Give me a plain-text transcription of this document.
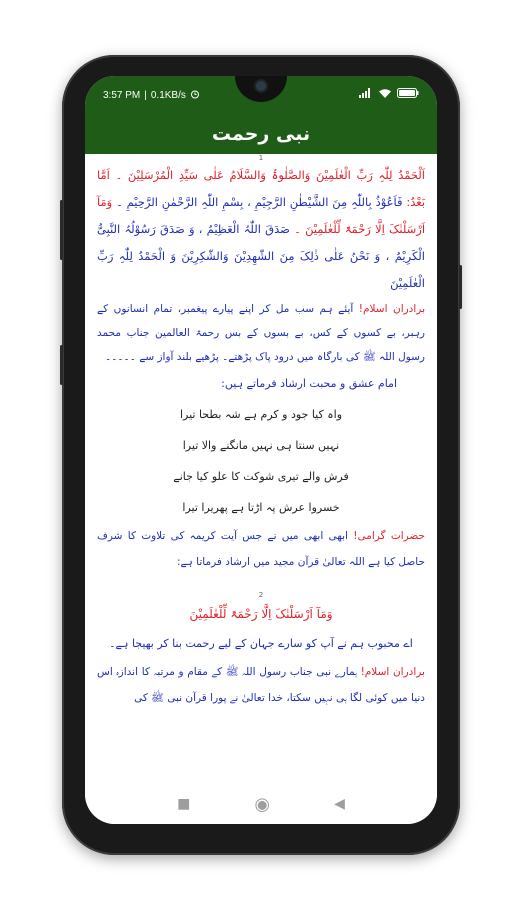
3:57 PM | 0.1KB/s
نبی رحمت
1
اَلْحَمْدُ لِلّٰہِ رَبِّ الْعٰلَمِیْنَ وَالصَّلٰوۃُ وَالسَّلَامُ عَلٰی سَیِّدِ الْمُرْسَلِیْنَ ۔ اَمَّا بَعْدُ: فَاَعُوْذُ بِاللّٰہِ مِنَ الشَّیْطٰنِ الرَّجِیْمِ ، بِسْمِ اللّٰہِ الرَّحْمٰنِ الرَّحِیْمِ ۔ وَمَآ اَرْسَلْنٰکَ اِلَّا رَحْمَۃً لِّلْعٰلَمِیْنَ ۔ صَدَقَ اللّٰہُ الْعَظِیْمُ ، وَ صَدَقَ رَسُوْلُہُ النَّبِیُّ الْکَرِیْمُ ، وَ نَحْنُ عَلٰی ذٰلِکَ مِنَ الشّٰھِدِیْنَ وَالشّٰکِرِیْنَ وَ الْحَمْدُ لِلّٰہِ رَبِّ الْعٰلَمِیْنَ
برادران اسلام! آیئے ہم سب مل کر اپنے پیارے پیغمبر، تمام انسانوں کے رہبر، بے کسوں کے کس، بے بسوں کے بس رحمۃ العالمین جناب محمد رسول اللہ ﷺ کی بارگاہ میں درود پاک پڑھتے۔ پڑھیے بلند آواز سے ۔۔۔۔۔
امام عشق و محبت ارشاد فرماتے ہیں:
واہ کیا جود و کرم ہے شہ بطحا تیرا
نہیں سنتا ہی نہیں مانگنے والا تیرا
فرش والے تیری شوکت کا علو کیا جانے
خسروا عرش پہ اڑتا ہے پھریرا تیرا
حضرات گرامی! ابھی ابھی میں نے جس آیت کریمہ کی تلاوت کا شرف حاصل کیا ہے اللہ تعالیٰ قرآن مجید میں ارشاد فرماتا ہے:
2
وَمَآ اَرْسَلْنٰکَ اِلَّا رَحْمَۃً لِّلْعٰلَمِیْنَ
اے محبوب ہم نے آپ کو سارے جہان کے لیے رحمت بنا کر بھیجا ہے۔
برادران اسلام! ہمارے نبی جناب رسول اللہ ﷺ کے مقام و مرتبہ کا اندازہ اس دنیا میں کوئی لگا ہی نہیں سکتا، خدا تعالیٰ نے پورا قرآن نبی ﷺ کی
■	◉	◀
